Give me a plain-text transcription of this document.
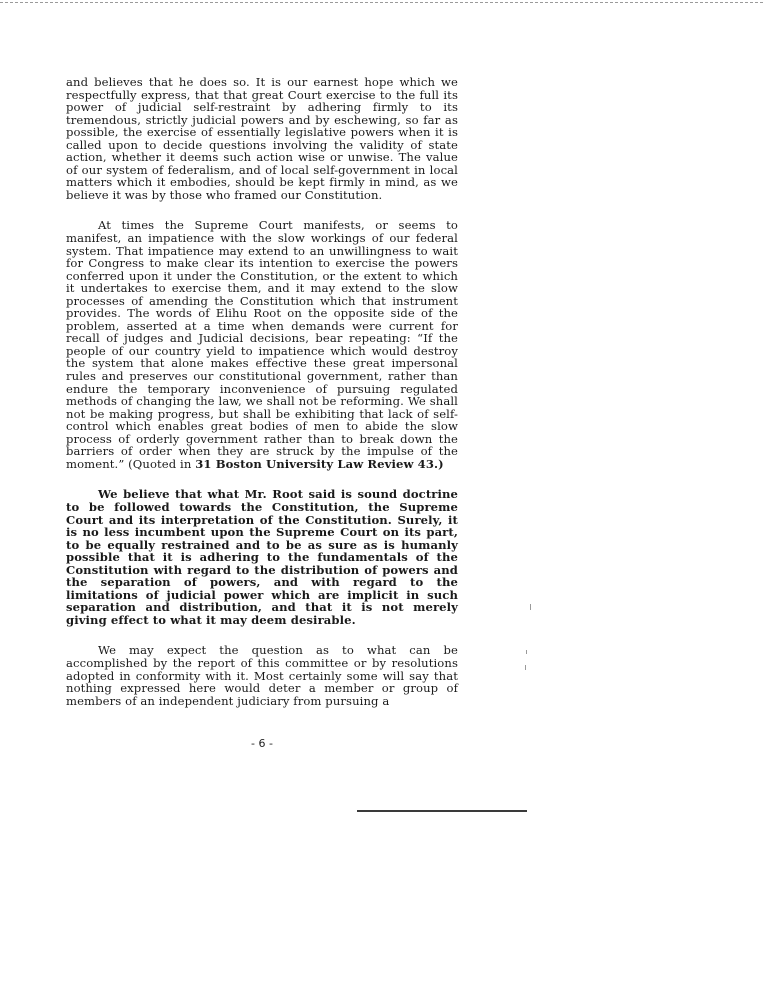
and believes that he does so. It is our earnest hope which we respectfully express, that that great Court exercise to the full its power of judicial self-restraint by adhering firmly to its tremendous, strictly judicial powers and by eschewing, so far as possible, the exercise of essentially legislative powers when it is called upon to decide questions involving the validity of state action, whether it deems such action wise or unwise. The value of our system of federalism, and of local self-government in local matters which it embodies, should be kept firmly in mind, as we believe it was by those who framed our Constitution.

At times the Supreme Court manifests, or seems to manifest, an impatience with the slow workings of our federal system. That impatience may extend to an unwillingness to wait for Congress to make clear its intention to exercise the powers conferred upon it under the Constitution, or the extent to which it undertakes to exercise them, and it may extend to the slow processes of amending the Constitution which that instrument provides. The words of Elihu Root on the opposite side of the problem, asserted at a time when demands were current for recall of judges and Judicial decisions, bear repeating: “If the people of our country yield to impatience which would destroy the system that alone makes effective these great impersonal rules and preserves our constitutional government, rather than endure the temporary inconvenience of pursuing regulated methods of changing the law, we shall not be reforming. We shall not be making progress, but shall be exhibiting that lack of self-control which enables great bodies of men to abide the slow process of orderly government rather than to break down the barriers of order when they are struck by the impulse of the moment.” (Quoted in 31 Boston University Law Review 43.)

We believe that what Mr. Root said is sound doctrine to be followed towards the Constitution, the Supreme Court and its interpretation of the Constitution. Surely, it is no less incumbent upon the Supreme Court on its part, to be equally restrained and to be as sure as is humanly possible that it is adhering to the fundamentals of the Constitution with regard to the distribution of powers and the separation of powers, and with regard to the limitations of judicial power which are implicit in such separation and distribution, and that it is not merely giving effect to what it may deem desirable.

We may expect the question as to what can be accomplished by the report of this committee or by resolutions adopted in conformity with it. Most certainly some will say that nothing expressed here would deter a member or group of members of an independent judiciary from pursuing a

- 6 -
